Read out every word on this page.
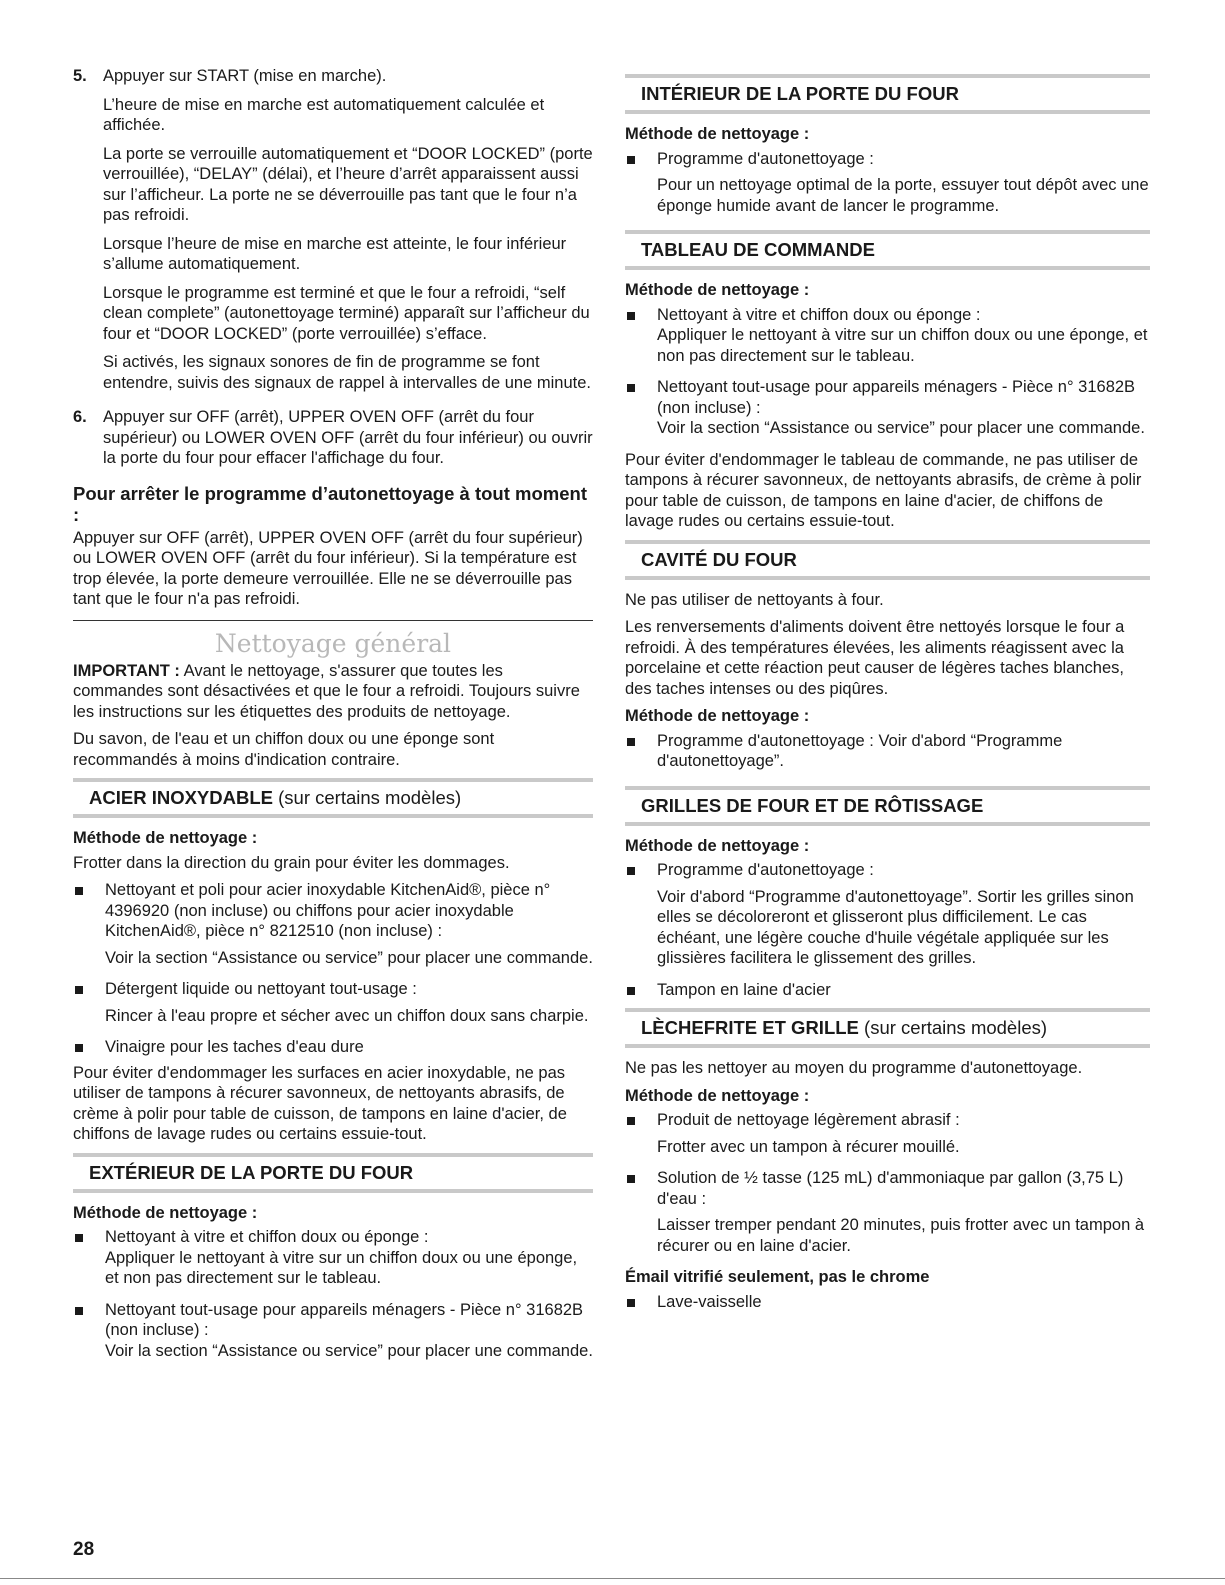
5. Appuyer sur START (mise en marche).

L’heure de mise en marche est automatiquement calculée et affichée.

La porte se verrouille automatiquement et “DOOR LOCKED” (porte verrouillée), “DELAY” (délai), et l’heure d’arrêt apparaissent aussi sur l’afficheur. La porte ne se déverrouille pas tant que le four n’a pas refroidi.

Lorsque l’heure de mise en marche est atteinte, le four inférieur s’allume automatiquement.

Lorsque le programme est terminé et que le four a refroidi, “self clean complete” (autonettoyage terminé) apparaît sur l’afficheur du four et “DOOR LOCKED” (porte verrouillée) s’efface.

Si activés, les signaux sonores de fin de programme se font entendre, suivis des signaux de rappel à intervalles de une minute.

6. Appuyer sur OFF (arrêt), UPPER OVEN OFF (arrêt du four supérieur) ou LOWER OVEN OFF (arrêt du four inférieur) ou ouvrir la porte du four pour effacer l'affichage du four.
Pour arrêter le programme d’autonettoyage à tout moment :

Appuyer sur OFF (arrêt), UPPER OVEN OFF (arrêt du four supérieur) ou LOWER OVEN OFF (arrêt du four inférieur). Si la température est trop élevée, la porte demeure verrouillée. Elle ne se déverrouille pas tant que le four n'a pas refroidi.

Nettoyage général

IMPORTANT : Avant le nettoyage, s'assurer que toutes les commandes sont désactivées et que le four a refroidi. Toujours suivre les instructions sur les étiquettes des produits de nettoyage.

Du savon, de l'eau et un chiffon doux ou une éponge sont recommandés à moins d'indication contraire.

ACIER INOXYDABLE (sur certains modèles)
Méthode de nettoyage :

Frotter dans la direction du grain pour éviter les dommages.

Nettoyant et poli pour acier inoxydable KitchenAid®, pièce n° 4396920 (non incluse) ou chiffons pour acier inoxydable KitchenAid®, pièce n° 8212510 (non incluse) :

Voir la section “Assistance ou service” pour placer une commande.

Détergent liquide ou nettoyant tout-usage :

Rincer à l'eau propre et sécher avec un chiffon doux sans charpie.

Vinaigre pour les taches d'eau dure

Pour éviter d'endommager les surfaces en acier inoxydable, ne pas utiliser de tampons à récurer savonneux, de nettoyants abrasifs, de crème à polir pour table de cuisson, de tampons en laine d'acier, de chiffons de lavage rudes ou certains essuie-tout.

EXTÉRIEUR DE LA PORTE DU FOUR
Méthode de nettoyage :
Nettoyant à vitre et chiffon doux ou éponge :

Appliquer le nettoyant à vitre sur un chiffon doux ou une éponge, et non pas directement sur le tableau.

Nettoyant tout-usage pour appareils ménagers - Pièce n° 31682B (non incluse) :

Voir la section “Assistance ou service” pour placer une commande.

INTÉRIEUR DE LA PORTE DU FOUR
Méthode de nettoyage :

Programme d'autonettoyage :

Pour un nettoyage optimal de la porte, essuyer tout dépôt avec une éponge humide avant de lancer le programme.

TABLEAU DE COMMANDE
Méthode de nettoyage :
Nettoyant à vitre et chiffon doux ou éponge :

Appliquer le nettoyant à vitre sur un chiffon doux ou une éponge, et non pas directement sur le tableau.

Nettoyant tout-usage pour appareils ménagers - Pièce n° 31682B (non incluse) :

Voir la section “Assistance ou service” pour placer une commande.

Pour éviter d'endommager le tableau de commande, ne pas utiliser de tampons à récurer savonneux, de nettoyants abrasifs, de crème à polir pour table de cuisson, de tampons en laine d'acier, de chiffons de lavage rudes ou certains essuie-tout.

CAVITÉ DU FOUR

Ne pas utiliser de nettoyants à four.

Les renversements d'aliments doivent être nettoyés lorsque le four a refroidi. À des températures élevées, les aliments réagissent avec la porcelaine et cette réaction peut causer de légères taches blanches, des taches intenses ou des piqûres.

Méthode de nettoyage :

Programme d'autonettoyage : Voir d'abord “Programme d'autonettoyage”.

GRILLES DE FOUR ET DE RÔTISSAGE
Méthode de nettoyage :

Programme d'autonettoyage :

Voir d'abord “Programme d'autonettoyage”. Sortir les grilles sinon elles se décoloreront et glisseront plus difficilement. Le cas échéant, une légère couche d'huile végétale appliquée sur les glissières facilitera le glissement des grilles.

Tampon en laine d'acier
LÈCHEFRITE ET GRILLE (sur certains modèles)

Ne pas les nettoyer au moyen du programme d'autonettoyage.

Méthode de nettoyage :

Produit de nettoyage légèrement abrasif :

Frotter avec un tampon à récurer mouillé.

Solution de ½ tasse (125 mL) d'ammoniaque par gallon (3,75 L) d'eau :

Laisser tremper pendant 20 minutes, puis frotter avec un tampon à récurer ou en laine d'acier.

Émail vitrifié seulement, pas le chrome
Lave-vaisselle
28
